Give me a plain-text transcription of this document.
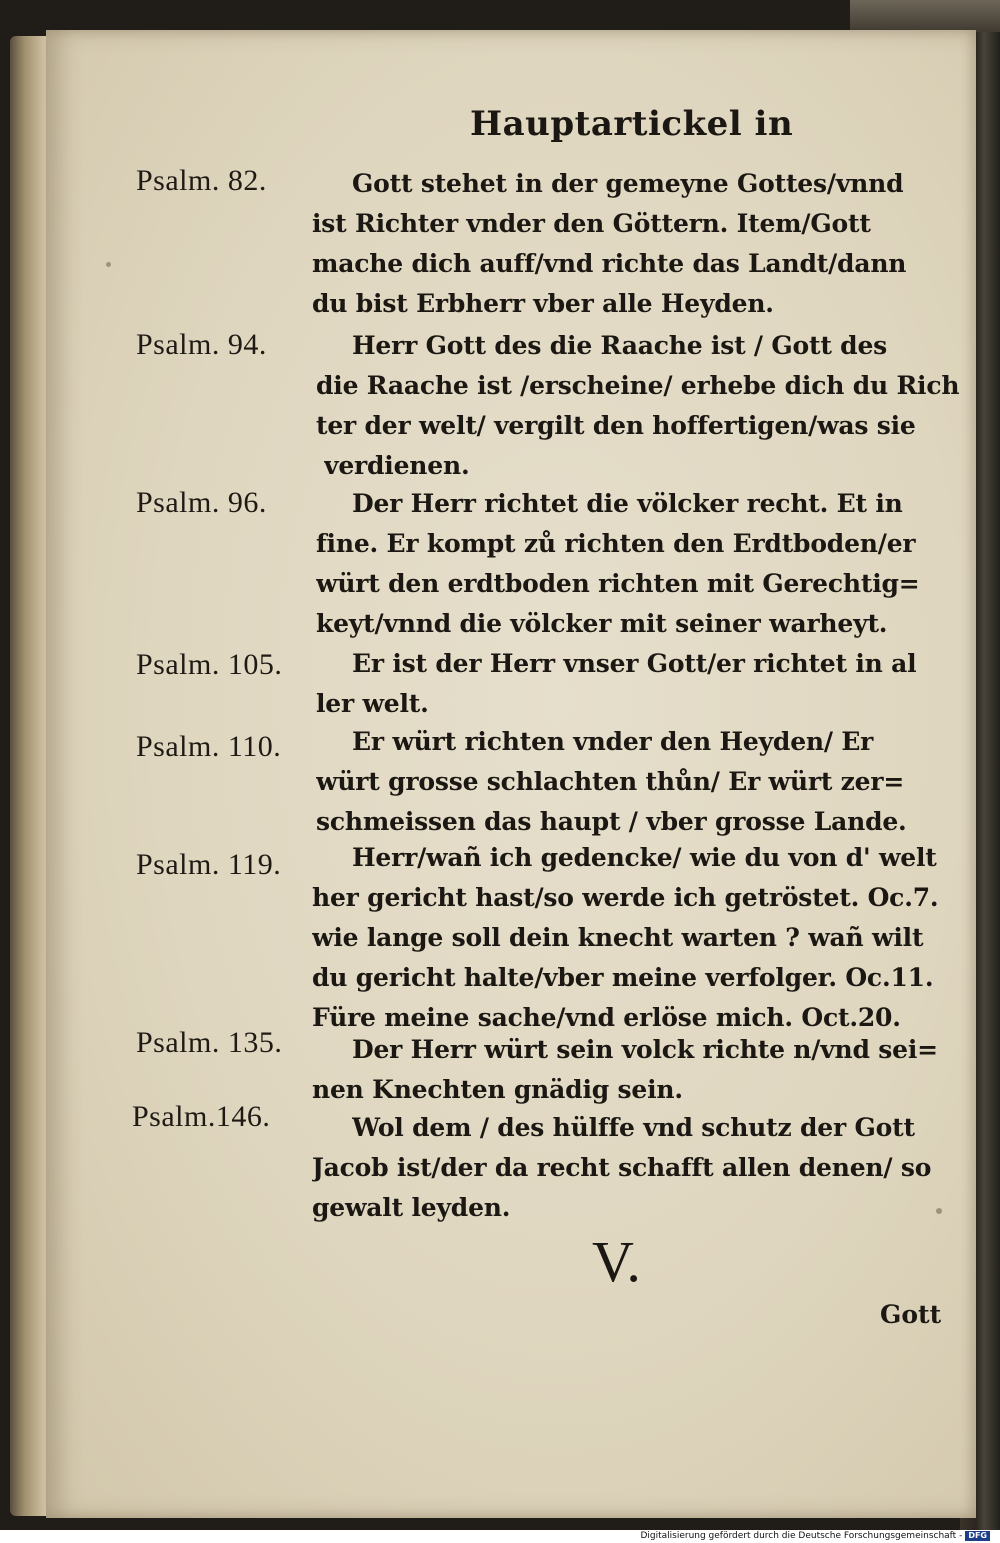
Hauptartickel in
Psalm. 82.	Gott stehet in der gemeyne Gottes/vnnd
ist Richter vnder den Göttern. Item/Gott
mache dich auff/vnd richte das Landt/dann
du bist Erbherr vber alle Heyden.
Psalm. 94.	Herr Gott des die Raache ist / Gott des
die Raache ist /erscheine/ erhebe dich du Rich
ter der welt/ vergilt den hoffertigen/was sie
verdienen.
Psalm. 96.	Der Herr richtet die völcker recht. Et in
fine. Er kompt zů richten den Erdtboden/er
würt den erdtboden richten mit Gerechtig=
keyt/vnnd die völcker mit seiner warheyt.
Psalm. 105.	Er ist der Herr vnser Gott/er richtet in al
ler welt.
Psalm. 110.	Er würt richten vnder den Heyden/ Er
würt grosse schlachten thůn/ Er würt zer=
schmeissen das haupt / vber grosse Lande.
Psalm. 119.	Herr/wañ ich gedencke/ wie du von d' welt
her gericht hast/so werde ich getröstet. Oc.7.
wie lange soll dein knecht warten ? wañ wilt
du gericht halte/vber meine verfolger. Oc.11.
Füre meine sache/vnd erlöse mich. Oct.20.
Psalm. 135.	Der Herr würt sein volck richte n/vnd sei=
nen Knechten gnädig sein.
Psalm.146.	Wol dem / des hülffe vnd schutz der Gott
Jacob ist/der da recht schafft allen denen/ so
gewalt leyden.
V.
Gott
Digitalisierung gefördert durch die Deutsche Forschungsgemeinschaft - DFG
